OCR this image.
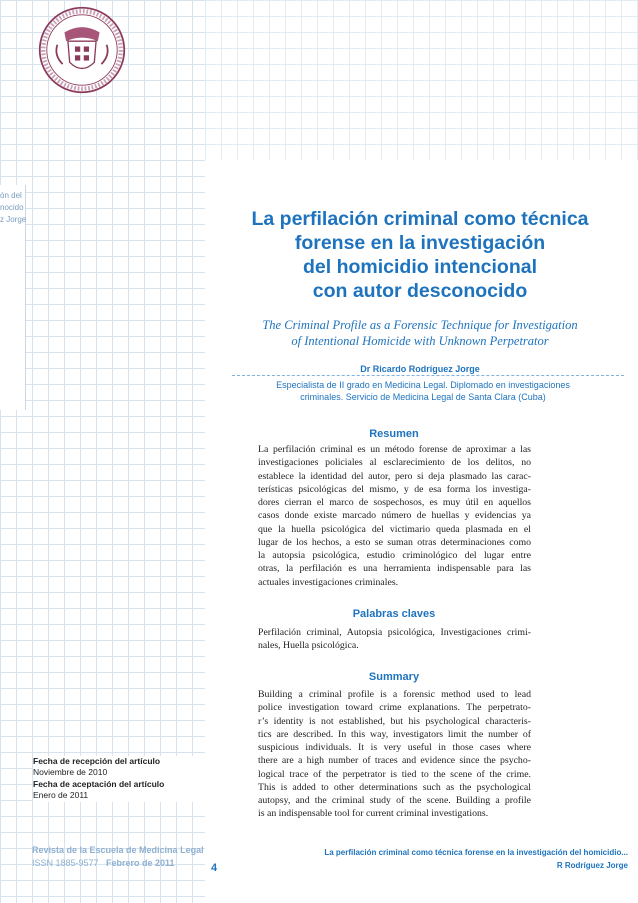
ón del
nocido
z Jorge	La perfilación criminal como técnica
forense en la investigación
del homicidio intencional
con autor desconocido
The Criminal Profile as a Forensic Technique for Investigation
of Intentional Homicide with Unknown Perpetrator
Dr Ricardo Rodríguez Jorge
Especialista de II grado en Medicina Legal. Diplomado en investigaciones
criminales. Servicio de Medicina Legal de Santa Clara (Cuba)
Resumen
La perfilación criminal es un método forense de aproximar a las
investigaciones policiales al esclarecimiento de los delitos, no
establece la identidad del autor, pero si deja plasmado las carac-
terísticas psicológicas del mismo, y de esa forma los investiga-
dores cierran el marco de sospechosos, es muy útil en aquellos
casos donde existe marcado número de huellas y evidencias ya
que la huella psicológica del victimario queda plasmada en el
lugar de los hechos, a esto se suman otras determinaciones como
la autopsia psicológica, estudio criminológico del lugar entre
otras, la perfilación es una herramienta indispensable para las
actuales investigaciones criminales.
Palabras claves
Perfilación criminal, Autopsia psicológica, Investigaciones crimi-
nales, Huella psicológica.
Summary
Building a criminal profile is a forensic method used to lead
police investigation toward crime explanations. The perpetrato-
r’s identity is not established, but his psychological characteris-
tics are described. In this way, investigators limit the number of
suspicious individuals. It is very useful in those cases where
there are a high number of traces and evidence since the psycho-
logical trace of the perpetrator is tied to the scene of the crime.
This is added to other determinations such as the psychological
autopsy, and the criminal study of the scene. Building a profile
is an indispensable tool for current criminal investigations.
Fecha de recepción del artículo
Noviembre de 2010
Fecha de aceptación del artículo
Enero de 2011
Revista de la Escuela de Medicina Legal
ISSN 1885-9577 Febrero de 2011	4
La perfilación criminal como técnica forense en la investigación del homicidio...
R Rodríguez Jorge
